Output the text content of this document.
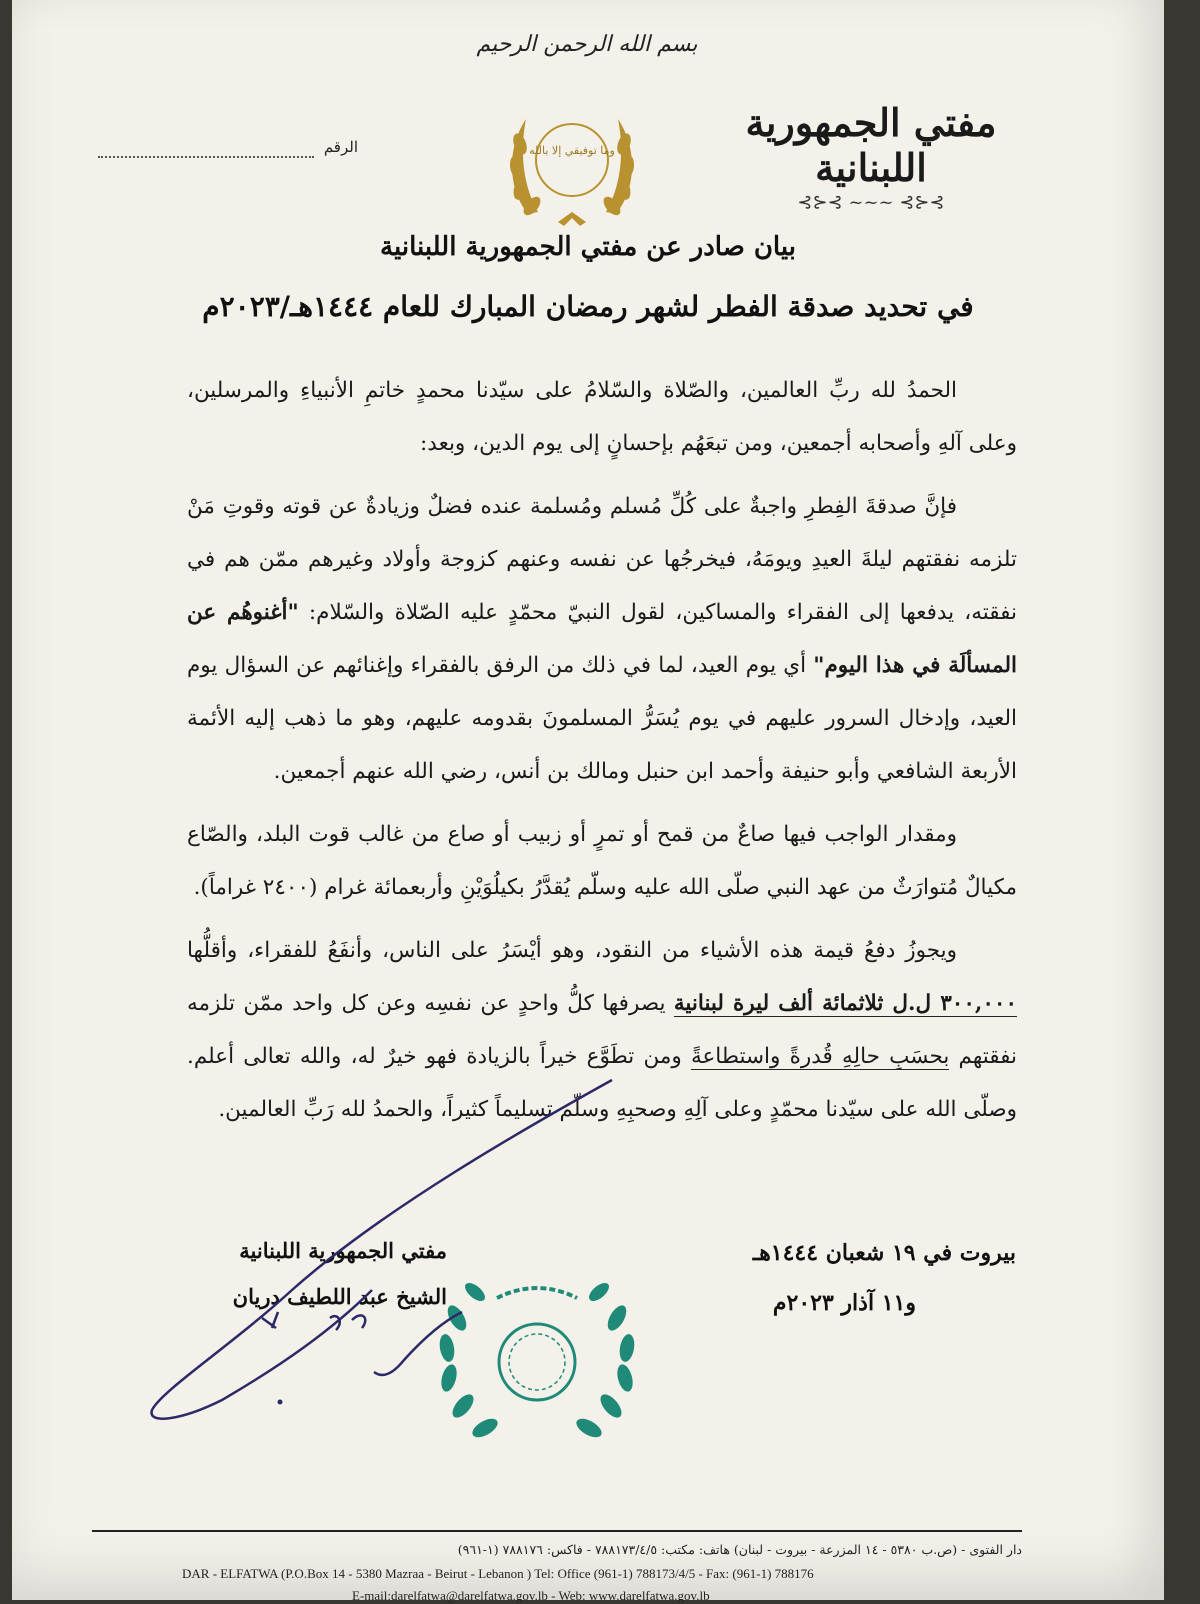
بسم الله الرحمن الرحيم
مفتي الجمهورية اللبنانية
⊱⊰⊱ ~~~ ⊱⊰⊱
الرقم	وما توفيقي إلا بالله
بيان صادر عن مفتي الجمهورية اللبنانية
في تحديد صدقة الفطر لشهر رمضان المبارك للعام ١٤٤٤هـ/٢٠٢٣م

الحمدُ لله ربِّ العالمين، والصّلاة والسّلامُ على سيّدنا محمدٍ خاتمِ الأنبياءِ والمرسلين، وعلى آلهِ وأصحابه أجمعين، ومن تبعَهُم بإحسانٍ إلى يوم الدين، وبعد:

فإنَّ صدقةَ الفِطرِ واجبةٌ على كُلِّ مُسلم ومُسلمة عنده فضلٌ وزيادةٌ عن قوته وقوتِ مَنْ تلزمه نفقتهم ليلةَ العيدِ ويومَهُ، فيخرجُها عن نفسه وعنهم كزوجة وأولاد وغيرهم ممّن هم في نفقته، يدفعها إلى الفقراء والمساكين، لقول النبيّ محمّدٍ عليه الصّلاة والسّلام: "أغنوهُم عن المسألَة في هذا اليوم" أي يوم العيد، لما في ذلك من الرفق بالفقراء وإغنائهم عن السؤال يوم العيد، وإدخال السرور عليهم في يوم يُسَرُّ المسلمونَ بقدومه عليهم، وهو ما ذهب إليه الأئمة الأربعة الشافعي وأبو حنيفة وأحمد ابن حنبل ومالك بن أنس، رضي الله عنهم أجمعين.

ومقدار الواجب فيها صاعٌ من قمح أو تمرٍ أو زبيب أو صاع من غالب قوت البلد، والصّاع مكيالٌ مُتوارَثٌ من عهد النبي صلّى الله عليه وسلّم يُقدَّرُ بكيلُوَيْنِ وأربعمائة غرام (٢٤٠٠ غراماً).

ويجوزُ دفعُ قيمة هذه الأشياء من النقود، وهو أيْسَرُ على الناس، وأنفَعُ للفقراء، وأقلُّها ٣٠٠,٠٠٠ ل.ل ثلاثمائة ألف ليرة لبنانية يصرفها كلُّ واحدٍ عن نفسِه وعن كل واحد ممّن تلزمه نفقتهم بحسَبِ حالِهِ قُدرةً واستطاعةً ومن تطَوَّع خيراً بالزيادة فهو خيرٌ له، والله تعالى أعلم. وصلّى الله على سيّدنا محمّدٍ وعلى آلِهِ وصحبِهِ وسلّم تسليماً كثيراً، والحمدُ لله رَبِّ العالمين.

بيروت في ١٩ شعبان ١٤٤٤هـ
و١١ آذار ٢٠٢٣م
مفتي الجمهورية اللبنانية
الشيخ عبد اللطيف دريان
دار الفتوى - (ص.ب ٥٣٨٠ - ١٤ المزرعة - بيروت - لبنان) هاتف: مكتب: ٧٨٨١٧٣/٤/٥ - فاكس: ٧٨٨١٧٦ (١-٩٦١)
DAR - ELFATWA (P.O.Box 14 - 5380 Mazraa - Beirut - Lebanon ) Tel: Office (961-1) 788173/4/5 - Fax: (961-1) 788176
E-mail:darelfatwa@darelfatwa.gov.lb - Web: www.darelfatwa.gov.lb
